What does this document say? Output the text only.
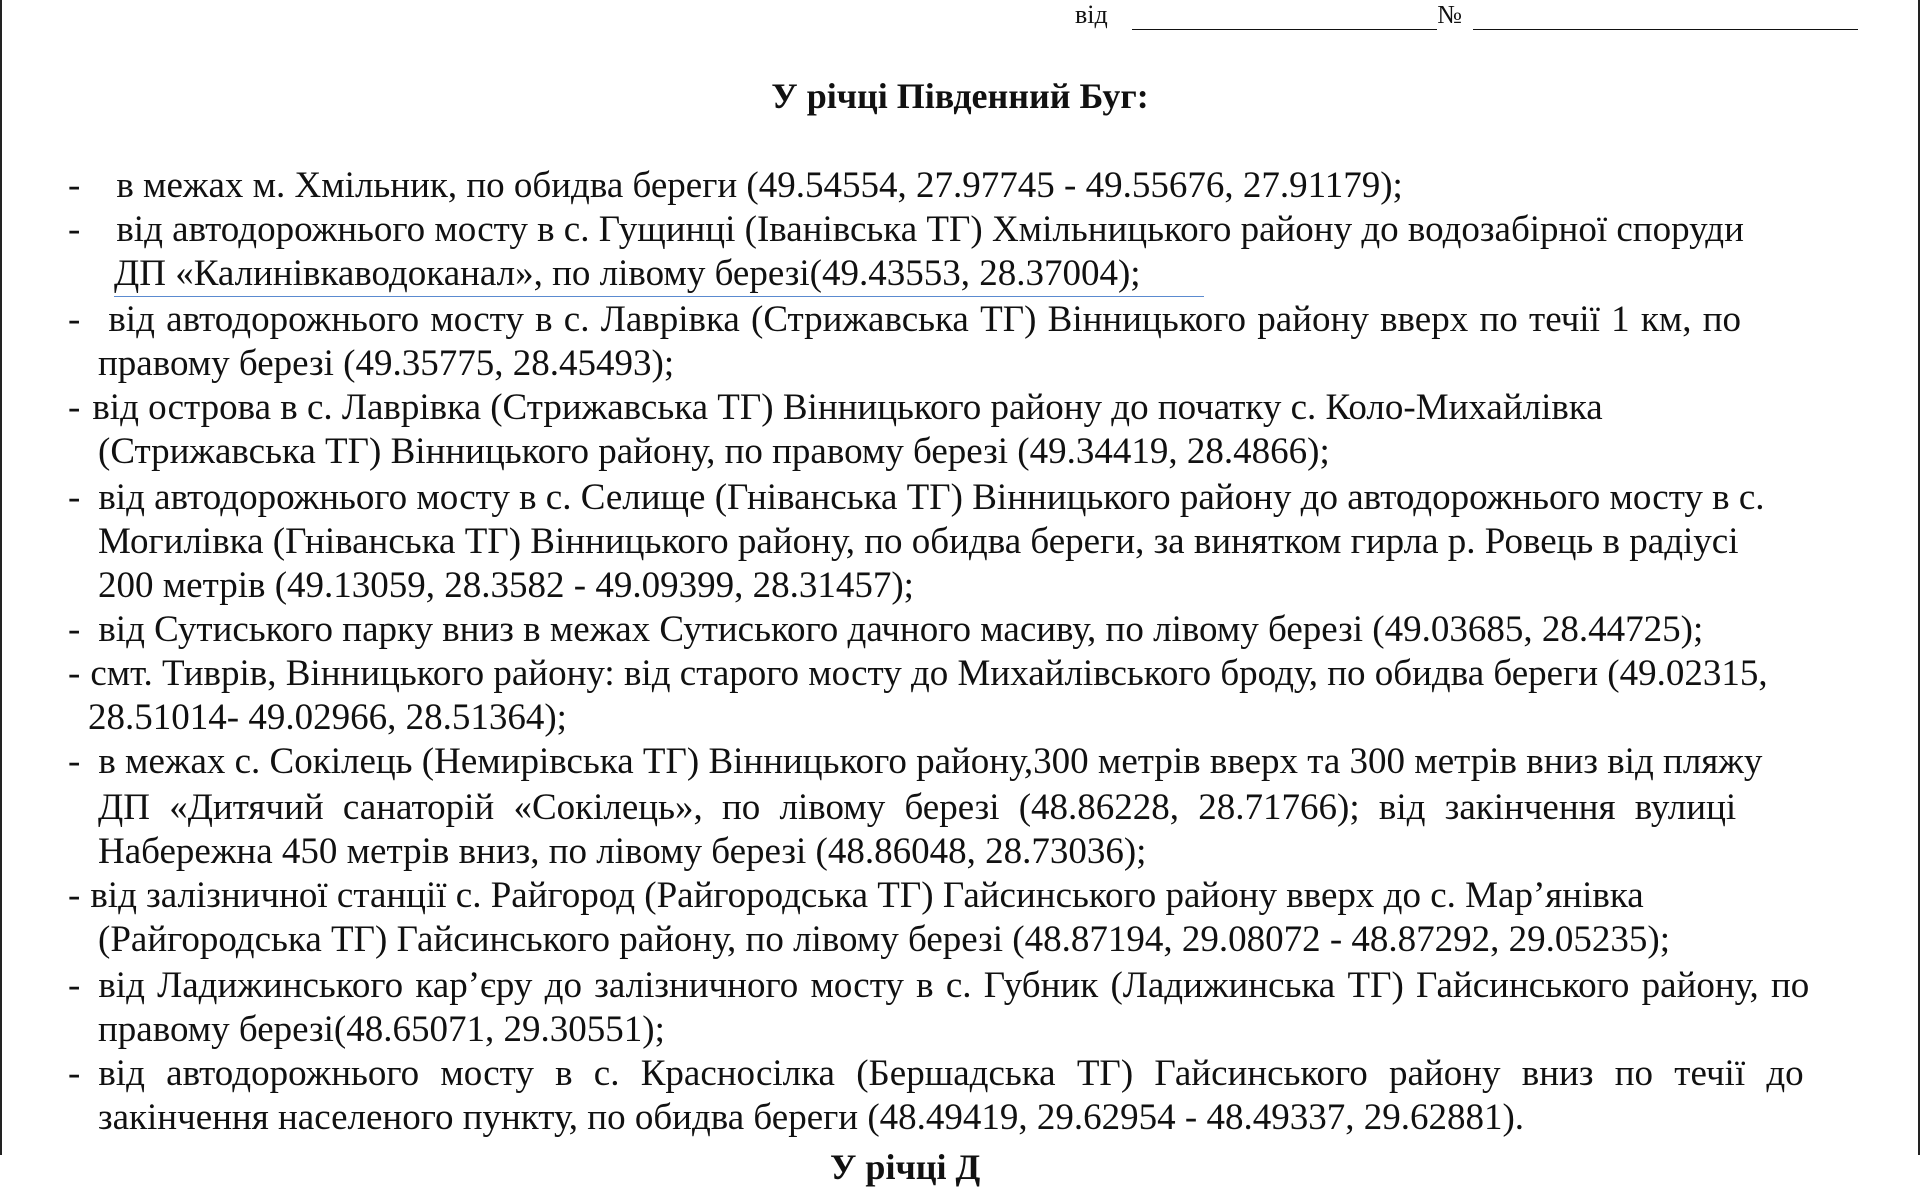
від	№
У річці Південний Буг:
- в межах м. Хмільник, по обидва береги (49.54554, 27.97745 - 49.55676, 27.91179);
- від автодорожнього мосту в с. Гущинці (Іванівська ТГ) Хмільницького району до водозабірної споруди
ДП «Калинівкаводоканал», по лівому березі(49.43553, 28.37004);
- від автодорожнього мосту в с. Лаврівка (Стрижавська ТГ) Вінницького району вверх по течії 1 км, по
правому березі (49.35775, 28.45493);
- від острова в с. Лаврівка (Стрижавська ТГ) Вінницького району до початку с. Коло-Михайлівка
(Стрижавська ТГ) Вінницького району, по правому березі (49.34419, 28.4866);
- від автодорожнього мосту в с. Селище (Гніванська ТГ) Вінницького району до автодорожнього мосту в с.
Могилівка (Гніванська ТГ) Вінницького району, по обидва береги, за винятком гирла р. Ровець в радіусі
200 метрів (49.13059, 28.3582 - 49.09399, 28.31457);
- від Сутиського парку вниз в межах Сутиського дачного масиву, по лівому березі (49.03685, 28.44725);
- смт. Тиврів, Вінницького району: від старого мосту до Михайлівського броду, по обидва береги (49.02315,
28.51014- 49.02966, 28.51364);
- в межах с. Сокілець (Немирівська ТГ) Вінницького району,300 метрів вверх та 300 метрів вниз від пляжу
ДП «Дитячий санаторій «Сокілець», по лівому березі (48.86228, 28.71766); від закінчення вулиці
Набережна 450 метрів вниз, по лівому березі (48.86048, 28.73036);
- від залізничної станції с. Райгород (Райгородська ТГ) Гайсинського району вверх до с. Мар’янівка
(Райгородська ТГ) Гайсинського району, по лівому березі (48.87194, 29.08072 - 48.87292, 29.05235);
- від Ладижинського кар’єру до залізничного мосту в с. Губник (Ладижинська ТГ) Гайсинського району, по
правому березі(48.65071, 29.30551);
- від автодорожнього мосту в с. Красносілка (Бершадська ТГ) Гайсинського району вниз по течії до
закінчення населеного пункту, по обидва береги (48.49419, 29.62954 - 48.49337, 29.62881).
У річці Д
